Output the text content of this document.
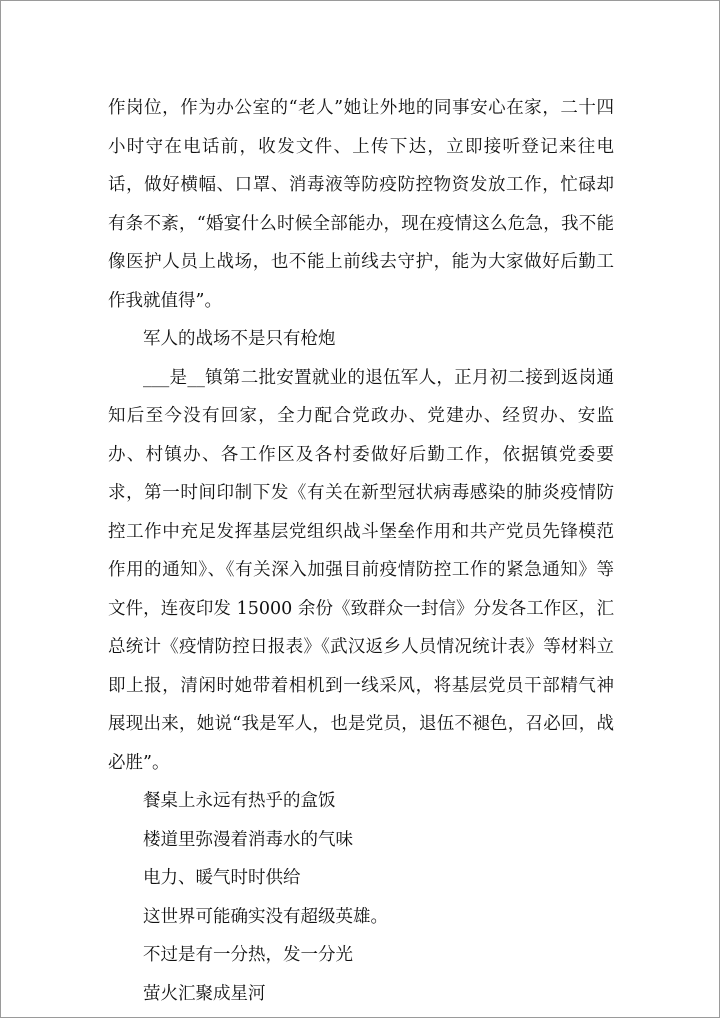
作岗位，作为办公室的“老人”她让外地的同事安心在家，二十四小时守在电话前，收发文件、上传下达，立即接听登记来往电话，做好横幅、口罩、消毒液等防疫防控物资发放工作，忙碌却有条不紊，“婚宴什么时候全部能办，现在疫情这么危急，我不能像医护人员上战场，也不能上前线去守护，能为大家做好后勤工作我就值得”。

军人的战场不是只有枪炮

___是__镇第二批安置就业的退伍军人，正月初二接到返岗通知后至今没有回家，全力配合党政办、党建办、经贸办、安监办、村镇办、各工作区及各村委做好后勤工作，依据镇党委要求，第一时间印制下发《有关在新型冠状病毒感染的肺炎疫情防控工作中充足发挥基层党组织战斗堡垒作用和共产党员先锋模范作用的通知》、《有关深入加强目前疫情防控工作的紧急通知》等文件，连夜印发 15000 余份《致群众一封信》分发各工作区，汇总统计《疫情防控日报表》《武汉返乡人员情况统计表》等材料立即上报，清闲时她带着相机到一线采风，将基层党员干部精气神展现出来，她说“我是军人，也是党员，退伍不褪色，召必回，战必胜”。

餐桌上永远有热乎的盒饭

楼道里弥漫着消毒水的气味

电力、暖气时时供给

这世界可能确实没有超级英雄。

不过是有一分热，发一分光

萤火汇聚成星河
